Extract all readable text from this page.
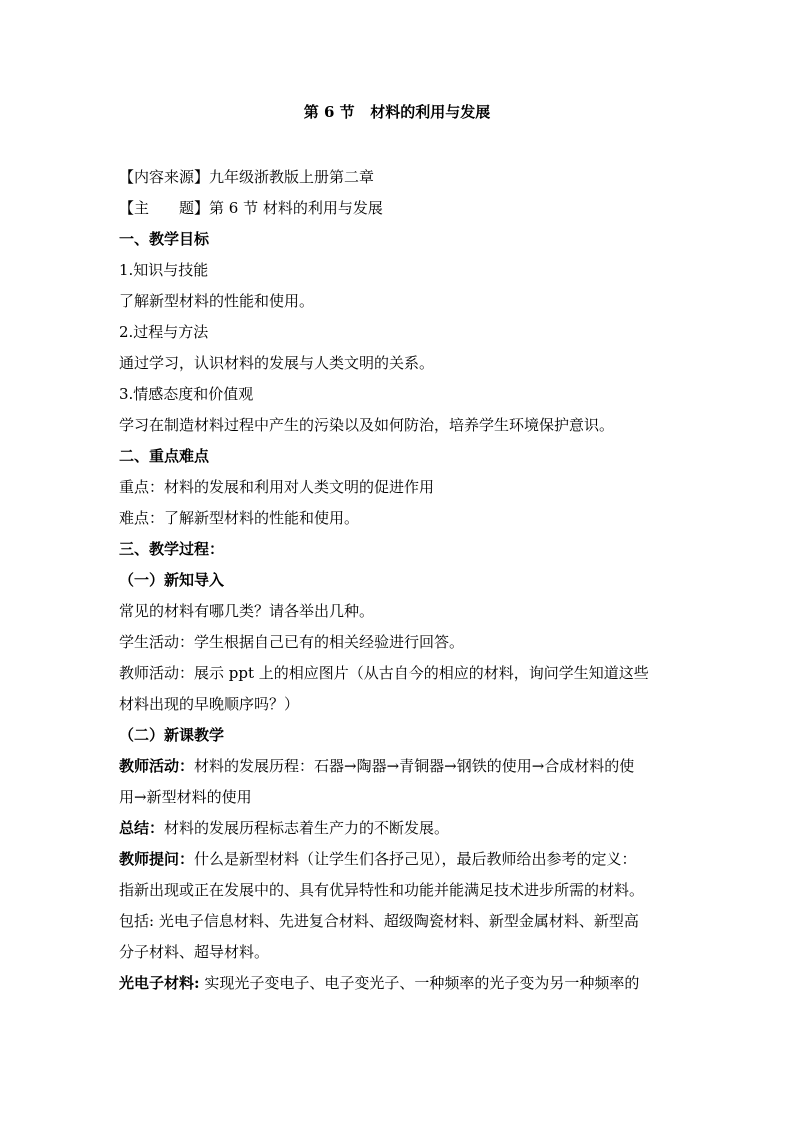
第 6 节   材料的利用与发展
【内容来源】九年级浙教版上册第二章
【主 题】第 6 节 材料的利用与发展
一、教学目标
1.知识与技能
了解新型材料的性能和使用。
2.过程与方法
通过学习，认识材料的发展与人类文明的关系。
3.情感态度和价值观
学习在制造材料过程中产生的污染以及如何防治，培养学生环境保护意识。
二、重点难点
重点：材料的发展和利用对人类文明的促进作用
难点：了解新型材料的性能和使用。
三、教学过程：
（一）新知导入
常见的材料有哪几类？请各举出几种。
学生活动：学生根据自己已有的相关经验进行回答。
教师活动：展示 ppt 上的相应图片（从古自今的相应的材料，询问学生知道这些
材料出现的早晚顺序吗？）
（二）新课教学
教师活动：材料的发展历程：石器→陶器→青铜器→钢铁的使用→合成材料的使
用→新型材料的使用
总结：材料的发展历程标志着生产力的不断发展。
教师提问：什么是新型材料（让学生们各抒己见），最后教师给出参考的定义：
指新出现或正在发展中的、具有优异特性和功能并能满足技术进步所需的材料。
包括: 光电子信息材料、先进复合材料、超级陶瓷材料、新型金属材料、新型高
分子材料、超导材料。
光电子材料: 实现光子变电子、电子变光子、一种频率的光子变为另一种频率的
